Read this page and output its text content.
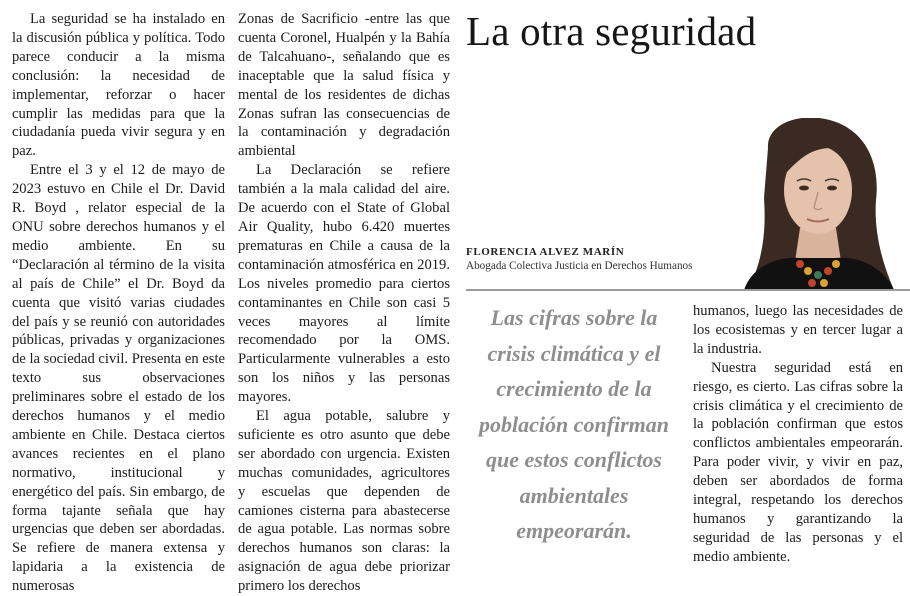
La seguridad se ha instalado en la discusión pública y política. Todo parece conducir a la misma conclusión: la necesidad de implementar, reforzar o hacer cumplir las medidas para que la ciudadanía pueda vivir segura y en paz.

Entre el 3 y el 12 de mayo de 2023 estuvo en Chile el Dr. David R. Boyd , relator especial de la ONU sobre derechos humanos y el medio ambiente. En su “Declaración al término de la visita al país de Chile” el Dr. Boyd da cuenta que visitó varias ciudades del país y se reunió con autoridades públicas, privadas y organizaciones de la sociedad civil. Presenta en este texto sus observaciones preliminares sobre el estado de los derechos humanos y el medio ambiente en Chile. Destaca ciertos avances recientes en el plano normativo, institucional y energético del país. Sin embargo, de forma tajante señala que hay urgencias que deben ser abordadas. Se refiere de manera extensa y lapidaria a la existencia de numerosas

Zonas de Sacrificio -entre las que cuenta Coronel, Hualpén y la Bahía de Talcahuano-, señalando que es inaceptable que la salud física y mental de los residentes de dichas Zonas sufran las consecuencias de la contaminación y degradación ambiental

La Declaración se refiere también a la mala calidad del aire. De acuerdo con el State of Global Air Quality, hubo 6.420 muertes prematuras en Chile a causa de la contaminación atmosférica en 2019. Los niveles promedio para ciertos contaminantes en Chile son casi 5 veces mayores al límite recomendado por la OMS. Particularmente vulnerables a esto son los niños y las personas mayores.

El agua potable, salubre y suficiente es otro asunto que debe ser abordado con urgencia. Existen muchas comunidades, agricultores y escuelas que dependen de camiones cisterna para abastecerse de agua potable. Las normas sobre derechos humanos son claras: la asignación de agua debe priorizar primero los derechos

La otra seguridad
FLORENCIA ALVEZ MARÍN
Abogada Colectiva Justicia en Derechos Humanos
Las cifras sobre la
crisis climática y el
crecimiento de la
población confirman
que estos conflictos
ambientales
empeorarán.

humanos, luego las necesidades de los ecosistemas y en tercer lugar a la industria.

Nuestra seguridad está en riesgo, es cierto. Las cifras sobre la crisis climática y el crecimiento de la población confirman que estos conflictos ambientales empeorarán. Para poder vivir, y vivir en paz, deben ser abordados de forma integral, respetando los derechos humanos y garantizando la seguridad de las personas y el medio ambiente.
